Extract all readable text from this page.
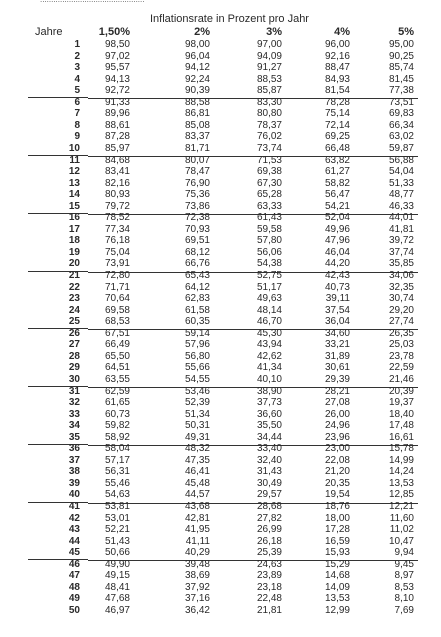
Inflationsrate in Prozent pro Jahr
Jahre	1,50%	2%	3%	4%	5%
1	98,50	98,00	97,00	96,00	95,00
2	97,02	96,04	94,09	92,16	90,25
3	95,57	94,12	91,27	88,47	85,74
4	94,13	92,24	88,53	84,93	81,45
5	92,72	90,39	85,87	81,54	77,38
6	91,33	88,58	83,30	78,28	73,51
7	89,96	86,81	80,80	75,14	69,83
8	88,61	85,08	78,37	72,14	66,34
9	87,28	83,37	76,02	69,25	63,02
10	85,97	81,71	73,74	66,48	59,87
11	84,68	80,07	71,53	63,82	56,88
12	83,41	78,47	69,38	61,27	54,04
13	82,16	76,90	67,30	58,82	51,33
14	80,93	75,36	65,28	56,47	48,77
15	79,72	73,86	63,33	54,21	46,33
16	78,52	72,38	61,43	52,04	44,01
17	77,34	70,93	59,58	49,96	41,81
18	76,18	69,51	57,80	47,96	39,72
19	75,04	68,12	56,06	46,04	37,74
20	73,91	66,76	54,38	44,20	35,85
21	72,80	65,43	52,75	42,43	34,06
22	71,71	64,12	51,17	40,73	32,35
23	70,64	62,83	49,63	39,11	30,74
24	69,58	61,58	48,14	37,54	29,20
25	68,53	60,35	46,70	36,04	27,74
26	67,51	59,14	45,30	34,60	26,35
27	66,49	57,96	43,94	33,21	25,03
28	65,50	56,80	42,62	31,89	23,78
29	64,51	55,66	41,34	30,61	22,59
30	63,55	54,55	40,10	29,39	21,46
31	62,59	53,46	38,90	28,21	20,39
32	61,65	52,39	37,73	27,08	19,37
33	60,73	51,34	36,60	26,00	18,40
34	59,82	50,31	35,50	24,96	17,48
35	58,92	49,31	34,44	23,96	16,61
36	58,04	48,32	33,40	23,00	15,78
37	57,17	47,35	32,40	22,08	14,99
38	56,31	46,41	31,43	21,20	14,24
39	55,46	45,48	30,49	20,35	13,53
40	54,63	44,57	29,57	19,54	12,85
41	53,81	43,68	28,68	18,76	12,21
42	53,01	42,81	27,82	18,00	11,60
43	52,21	41,95	26,99	17,28	11,02
44	51,43	41,11	26,18	16,59	10,47
45	50,66	40,29	25,39	15,93	9,94
46	49,90	39,48	24,63	15,29	9,45
47	49,15	38,69	23,89	14,68	8,97
48	48,41	37,92	23,18	14,09	8,53
49	47,68	37,16	22,48	13,53	8,10
50	46,97	36,42	21,81	12,99	7,69
